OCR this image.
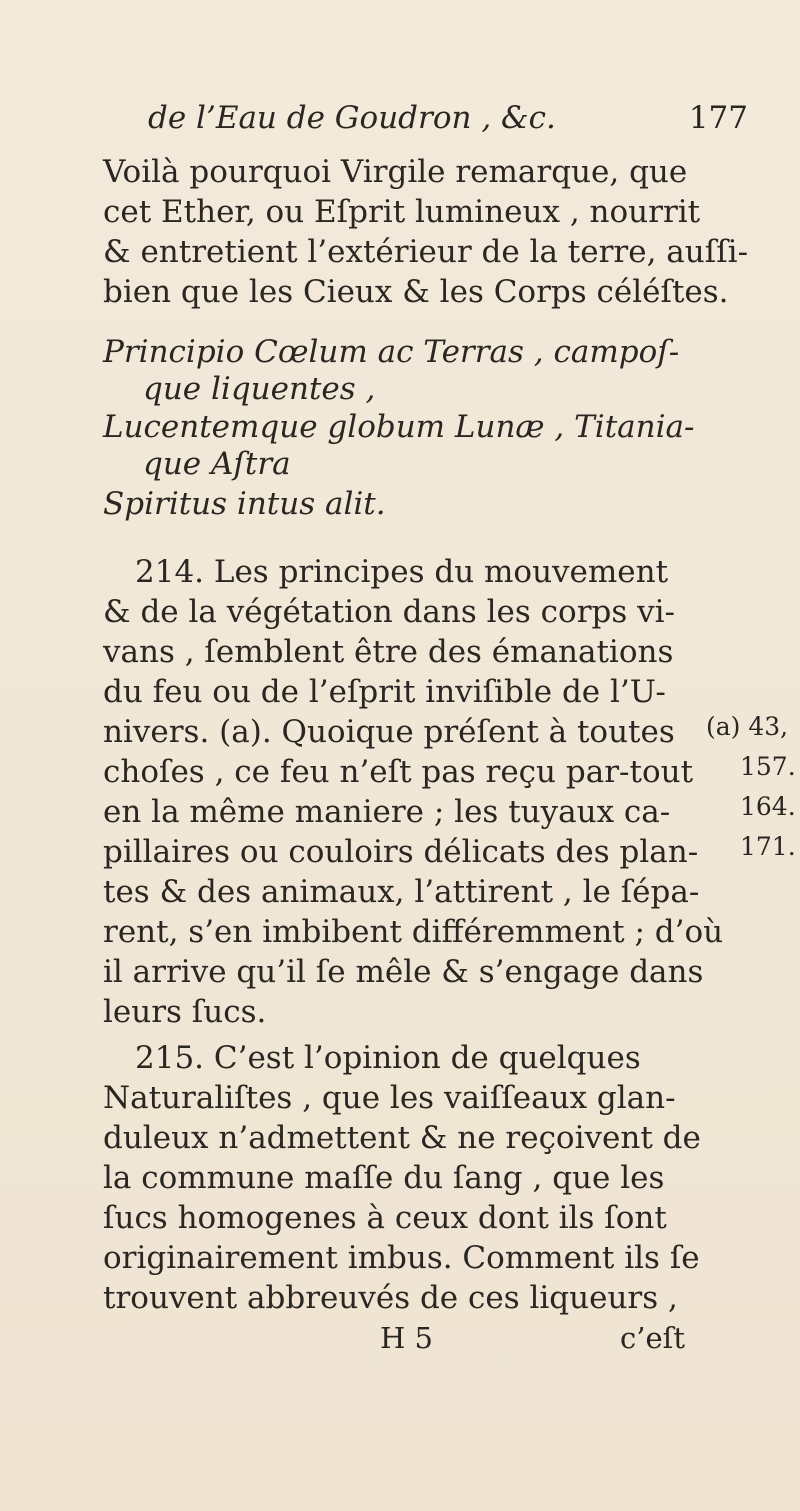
de l’Eau de Goudron , &c.	177
Voilà pourquoi Virgile remarque, que
cet Ether, ou Eſprit lumineux , nourrit
& entretient l’extérieur de la terre, auſſi-
bien que les Cieux & les Corps céléſtes.
Principio Cœlum ac Terras , campoſ-
que liquentes ,
Lucentemque globum Lunæ , Titania-
que Aſtra
Spiritus intus alit.
214. Les principes du mouvement
& de la végétation dans les corps vi-
vans , ſemblent être des émanations
du feu ou de l’eſprit inviſible de l’U-
nivers. (a). Quoique préſent à toutes
choſes , ce feu n’eſt pas reçu par-tout
en la même maniere ; les tuyaux ca-
pillaires ou couloirs délicats des plan-
tes & des animaux, l’attirent , le ſépa-
rent, s’en imbibent différemment ; d’où
il arrive qu’il ſe mêle & s’engage dans
leurs ſucs.
215. C’est l’opinion de quelques
Naturaliſtes , que les vaiſſeaux glan-
duleux n’admettent & ne reçoivent de
la commune maſſe du ſang , que les
ſucs homogenes à ceux dont ils ſont
originairement imbus. Comment ils ſe
trouvent abbreuvés de ces liqueurs ,
(a) 43,
157.
164.
171.
H 5	c’eſt
